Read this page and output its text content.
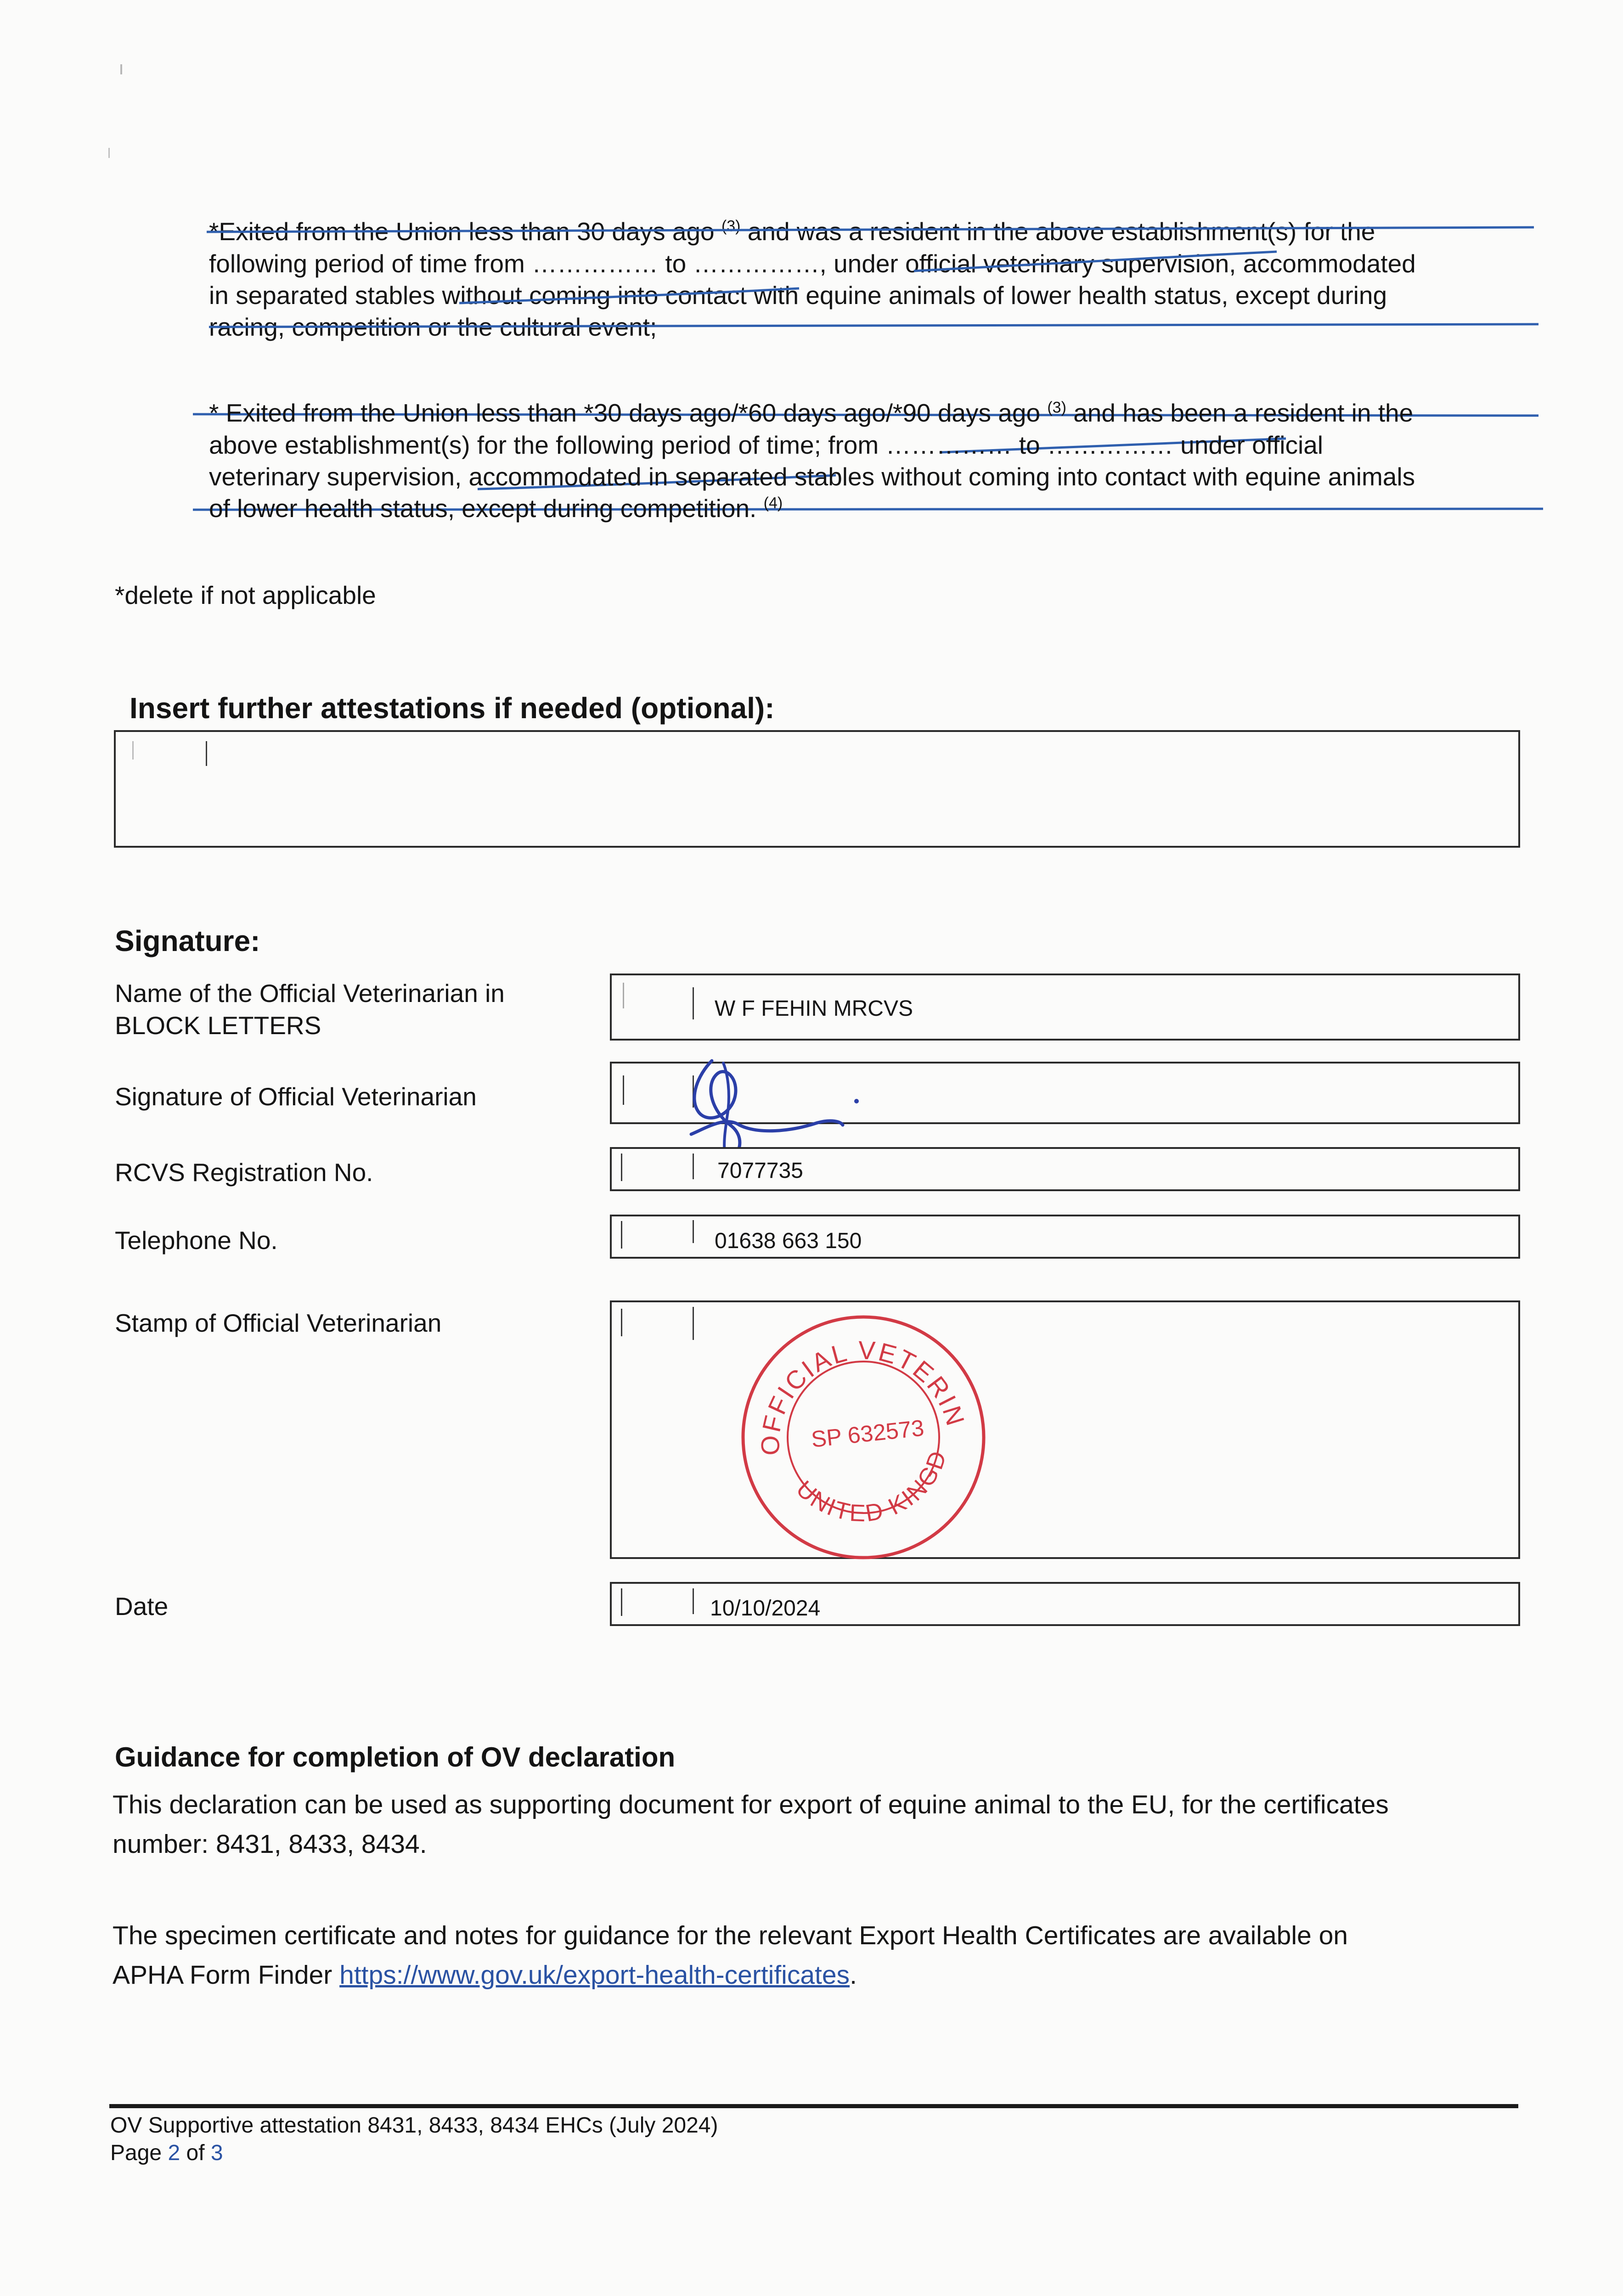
*Exited from the Union less than 30 days ago $^{(3)}$ and was a resident in the above establishment(s) for the
following period of time from …………… to ……………, under official veterinary supervision, accommodated
in separated stables without coming into contact with equine animals of lower health status, except during
racing, competition or the cultural event;
* Exited from the Union less than *30 days ago/*60 days ago/*90 days ago $^{(3)}$ and has been a resident in the
above establishment(s) for the following period of time; from …………… to …………… under official
veterinary supervision, accommodated in separated stables without coming into contact with equine animals
of lower health status, except during competition. $^{(4)}$
*delete if not applicable
Insert further attestations if needed (optional):
Signature:
Name of the Official Veterinarian in
BLOCK LETTERS
W F FEHIN MRCVS
Signature of Official Veterinarian
RCVS Registration No.	7077735
Telephone No.	01638 663 150
Stamp of Official Veterinarian
OFFICIAL VETERINARIAN
UNITED KINGDOM
SP 632573
Date	10/10/2024
Guidance for completion of OV declaration
This declaration can be used as supporting document for export of equine animal to the EU, for the certificates
number: 8431, 8433, 8434.
The specimen certificate and notes for guidance for the relevant Export Health Certificates are available on
APHA Form Finder https://www.gov.uk/export-health-certificates.
OV Supportive attestation 8431, 8433, 8434 EHCs (July 2024)
Page 2 of 3
